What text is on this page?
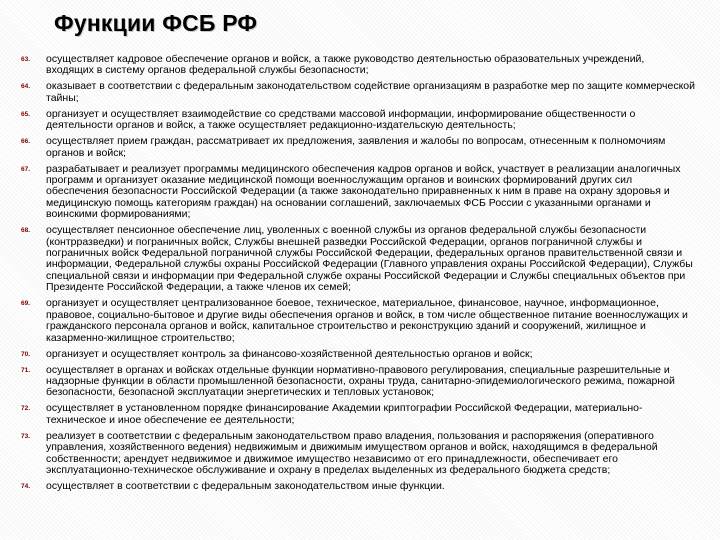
Функции ФСБ РФ
63. осуществляет кадровое обеспечение органов и войск, а также руководство деятельностью образовательных учреждений, входящих в систему органов федеральной службы безопасности;
64. оказывает в соответствии с федеральным законодательством содействие организациям в разработке мер по защите коммерческой тайны;
65. организует и осуществляет взаимодействие со средствами массовой информации, информирование общественности о деятельности органов и войск, а также осуществляет редакционно-издательскую деятельность;
66. осуществляет прием граждан, рассматривает их предложения, заявления и жалобы по вопросам, отнесенным к полномочиям органов и войск;
67. разрабатывает и реализует программы медицинского обеспечения кадров органов и войск, участвует в реализации аналогичных программ и организует оказание медицинской помощи военнослужащим органов и воинских формирований других сил обеспечения безопасности Российской Федерации (а также законодательно приравненных к ним в праве на охрану здоровья и медицинскую помощь категориям граждан) на основании соглашений, заключаемых ФСБ России с указанными органами и воинскими формированиями;
68. осуществляет пенсионное обеспечение лиц, уволенных с военной службы из органов федеральной службы безопасности (контрразведки) и пограничных войск, Службы внешней разведки Российской Федерации, органов пограничной службы и пограничных войск Федеральной пограничной службы Российской Федерации, федеральных органов правительственной связи и информации, Федеральной службы охраны Российской Федерации (Главного управления охраны Российской Федерации), Службы специальной связи и информации при Федеральной службе охраны Российской Федерации и Службы специальных объектов при Президенте Российской Федерации, а также членов их семей;
69. организует и осуществляет централизованное боевое, техническое, материальное, финансовое, научное, информационное, правовое, социально-бытовое и другие виды обеспечения органов и войск, в том числе общественное питание военнослужащих и гражданского персонала органов и войск, капитальное строительство и реконструкцию зданий и сооружений, жилищное и казарменно-жилищное строительство;
70. организует и осуществляет контроль за финансово-хозяйственной деятельностью органов и войск;
71. осуществляет в органах и войсках отдельные функции нормативно-правового регулирования, специальные разрешительные и надзорные функции в области промышленной безопасности, охраны труда, санитарно-эпидемиологического режима, пожарной безопасности, безопасной эксплуатации энергетических и тепловых установок;
72. осуществляет в установленном порядке финансирование Академии криптографии Российской Федерации, материально-техническое и иное обеспечение ее деятельности;
73. реализует в соответствии с федеральным законодательством право владения, пользования и распоряжения (оперативного управления, хозяйственного ведения) недвижимым и движимым имуществом органов и войск, находящимся в федеральной собственности; арендует недвижимое и движимое имущество независимо от его принадлежности, обеспечивает его эксплуатационно-техническое обслуживание и охрану в пределах выделенных из федерального бюджета средств;
74. осуществляет в соответствии с федеральным законодательством иные функции.
